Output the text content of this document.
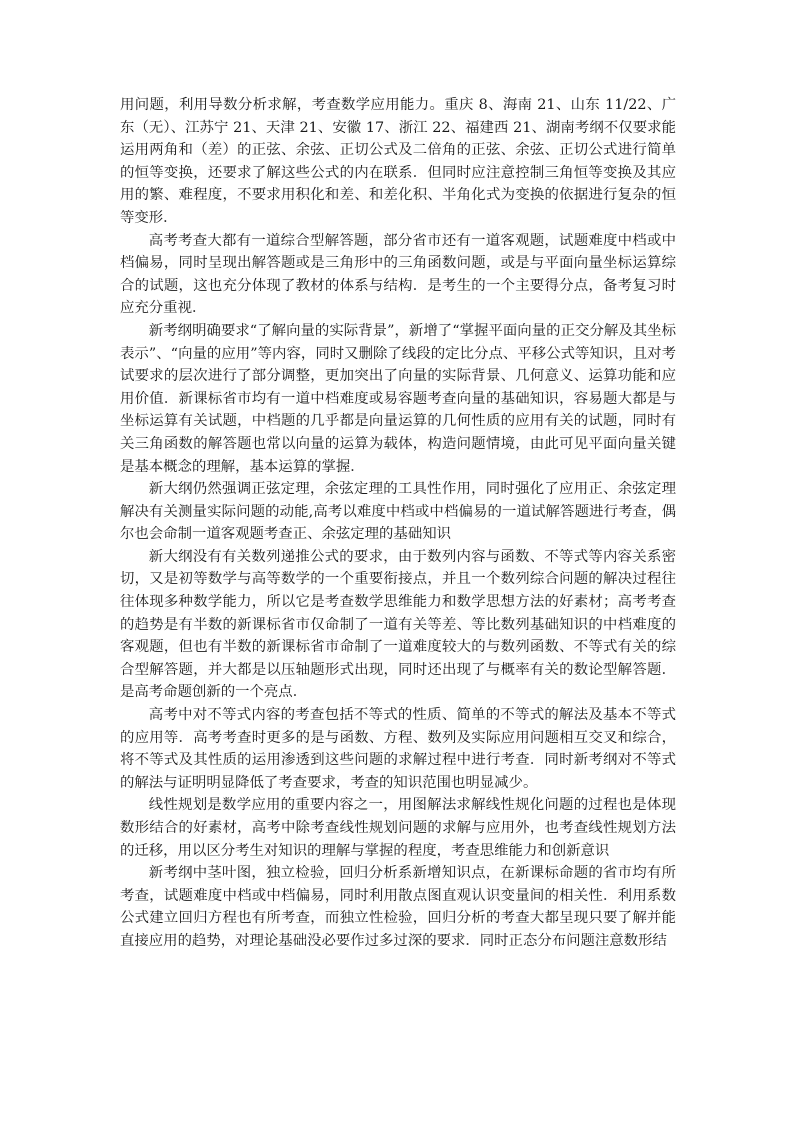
用问题，利用导数分析求解，考查数学应用能力。重庆 8、海南 21、山东 11/22、广东（无）、江苏宁 21、天津 21、安徽 17、浙江 22、福建西 21、湖南考纲不仅要求能运用两角和（差）的正弦、余弦、正切公式及二倍角的正弦、余弦、正切公式进行简单的恒等变换，还要求了解这些公式的内在联系．但同时应注意控制三角恒等变换及其应用的繁、难程度，不要求用积化和差、和差化积、半角化式为变换的依据进行复杂的恒等变形．

高考考查大都有一道综合型解答题，部分省市还有一道客观题，试题难度中档或中档偏易，同时呈现出解答题或是三角形中的三角函数问题，或是与平面向量坐标运算综合的试题，这也充分体现了教材的体系与结构．是考生的一个主要得分点，备考复习时应充分重视．

新考纲明确要求“了解向量的实际背景”，新增了“掌握平面向量的正交分解及其坐标表示”、“向量的应用”等内容，同时又删除了线段的定比分点、平移公式等知识，且对考试要求的层次进行了部分调整，更加突出了向量的实际背景、几何意义、运算功能和应用价值．新课标省市均有一道中档难度或易容题考查向量的基础知识，容易题大都是与坐标运算有关试题，中档题的几乎都是向量运算的几何性质的应用有关的试题，同时有关三角函数的解答题也常以向量的运算为载体，构造问题情境，由此可见平面向量关键是基本概念的理解，基本运算的掌握．

新大纲仍然强调正弦定理，余弦定理的工具性作用，同时强化了应用正、余弦定理解决有关测量实际问题的动能,高考以难度中档或中档偏易的一道试解答题进行考查，偶尔也会命制一道客观题考查正、余弦定理的基础知识

新大纲没有有关数列递推公式的要求，由于数列内容与函数、不等式等内容关系密切，又是初等数学与高等数学的一个重要衔接点，并且一个数列综合问题的解决过程往往体现多种数学能力，所以它是考查数学思维能力和数学思想方法的好素材；高考考查的趋势是有半数的新课标省市仅命制了一道有关等差、等比数列基础知识的中档难度的客观题，但也有半数的新课标省市命制了一道难度较大的与数列函数、不等式有关的综合型解答题，并大都是以压轴题形式出现，同时还出现了与概率有关的数论型解答题．是高考命题创新的一个亮点．

高考中对不等式内容的考查包括不等式的性质、简单的不等式的解法及基本不等式的应用等．高考考查时更多的是与函数、方程、数列及实际应用问题相互交叉和综合，将不等式及其性质的运用渗透到这些问题的求解过程中进行考查．同时新考纲对不等式的解法与证明明显降低了考查要求，考查的知识范围也明显减少。

线性规划是数学应用的重要内容之一，用图解法求解线性规化问题的过程也是体现数形结合的好素材，高考中除考查线性规划问题的求解与应用外，也考查线性规划方法的迁移，用以区分考生对知识的理解与掌握的程度，考查思维能力和创新意识

新考纲中茎叶图，独立检验，回归分析系新增知识点，在新课标命题的省市均有所考查，试题难度中档或中档偏易，同时利用散点图直观认识变量间的相关性．利用系数公式建立回归方程也有所考查，而独立性检验，回归分析的考查大都呈现只要了解并能直接应用的趋势，对理论基础没必要作过多过深的要求．同时正态分布问题注意数形结
